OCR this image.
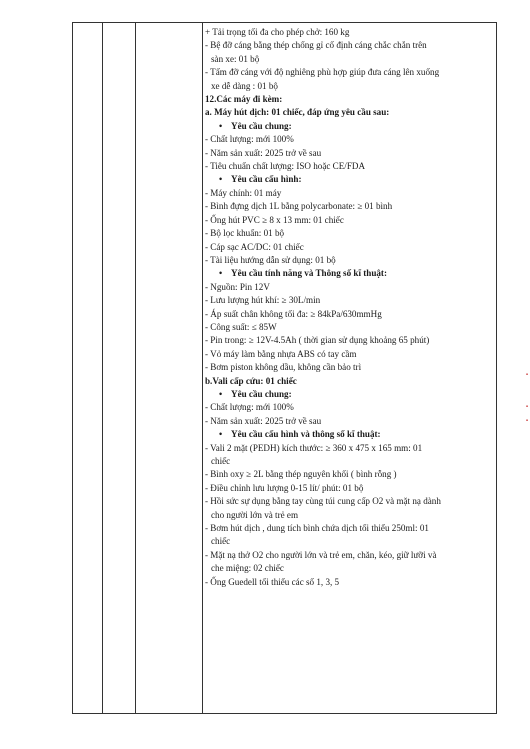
+ Tải trọng tối đa cho phép chở: 160 kg
- Bệ đỡ cáng bằng thép chống gỉ cố định cáng chắc chắn trên
sàn xe: 01 bộ
- Tấm đỡ cáng với độ nghiêng phù hợp giúp đưa cáng lên xuống
xe dễ dàng : 01 bộ
12.Các máy đi kèm:
a. Máy hút dịch: 01 chiếc, đáp ứng yêu cầu sau:
• Yêu cầu chung:
- Chất lượng: mới 100%
- Năm sản xuất: 2025 trở về sau
- Tiêu chuẩn chất lượng: ISO hoặc CE/FDA
• Yêu cầu cấu hình:
- Máy chính: 01 máy
- Bình đựng dịch 1L bằng polycarbonate: ≥ 01 bình
- Ống hút PVC ≥ 8 x 13 mm: 01 chiếc
- Bộ lọc khuẩn: 01 bộ
- Cáp sạc AC/DC: 01 chiếc
- Tài liệu hướng dẫn sử dụng: 01 bộ
• Yêu cầu tính năng và Thông số kĩ thuật:
- Nguồn: Pin 12V
- Lưu lượng hút khí: ≥ 30L/min
- Áp suất chân không tối đa: ≥ 84kPa/630mmHg
- Công suất: ≤ 85W
- Pin trong: ≥ 12V-4.5Ah ( thời gian sử dụng khoảng 65 phút)
- Vỏ máy làm bằng nhựa ABS có tay cầm
- Bơm piston không dầu, không cần bảo trì
b.Vali cấp cứu: 01 chiếc
• Yêu cầu chung:
- Chất lượng: mới 100%
- Năm sản xuất: 2025 trở về sau
• Yêu cầu cấu hình và thông số kĩ thuật:
- Vali 2 mặt (PEDH) kích thước: ≥ 360 x 475 x 165 mm: 01
chiếc
- Bình oxy ≥ 2L bằng thép nguyên khối ( bình rỗng )
- Điều chỉnh lưu lượng 0-15 lít/ phút: 01 bộ
- Hồi sức sự dụng bằng tay cùng túi cung cấp O2 và mặt nạ dành
cho người lớn và trẻ em
- Bơm hút dịch , dung tích bình chứa dịch tối thiểu 250ml: 01
chiếc
- Mặt nạ thở O2 cho người lớn và trẻ em, chăn, kéo, giữ lưỡi và
che miệng: 02 chiếc
- Ống Guedell tối thiểu các số 1, 3, 5
▪
▪
▪
